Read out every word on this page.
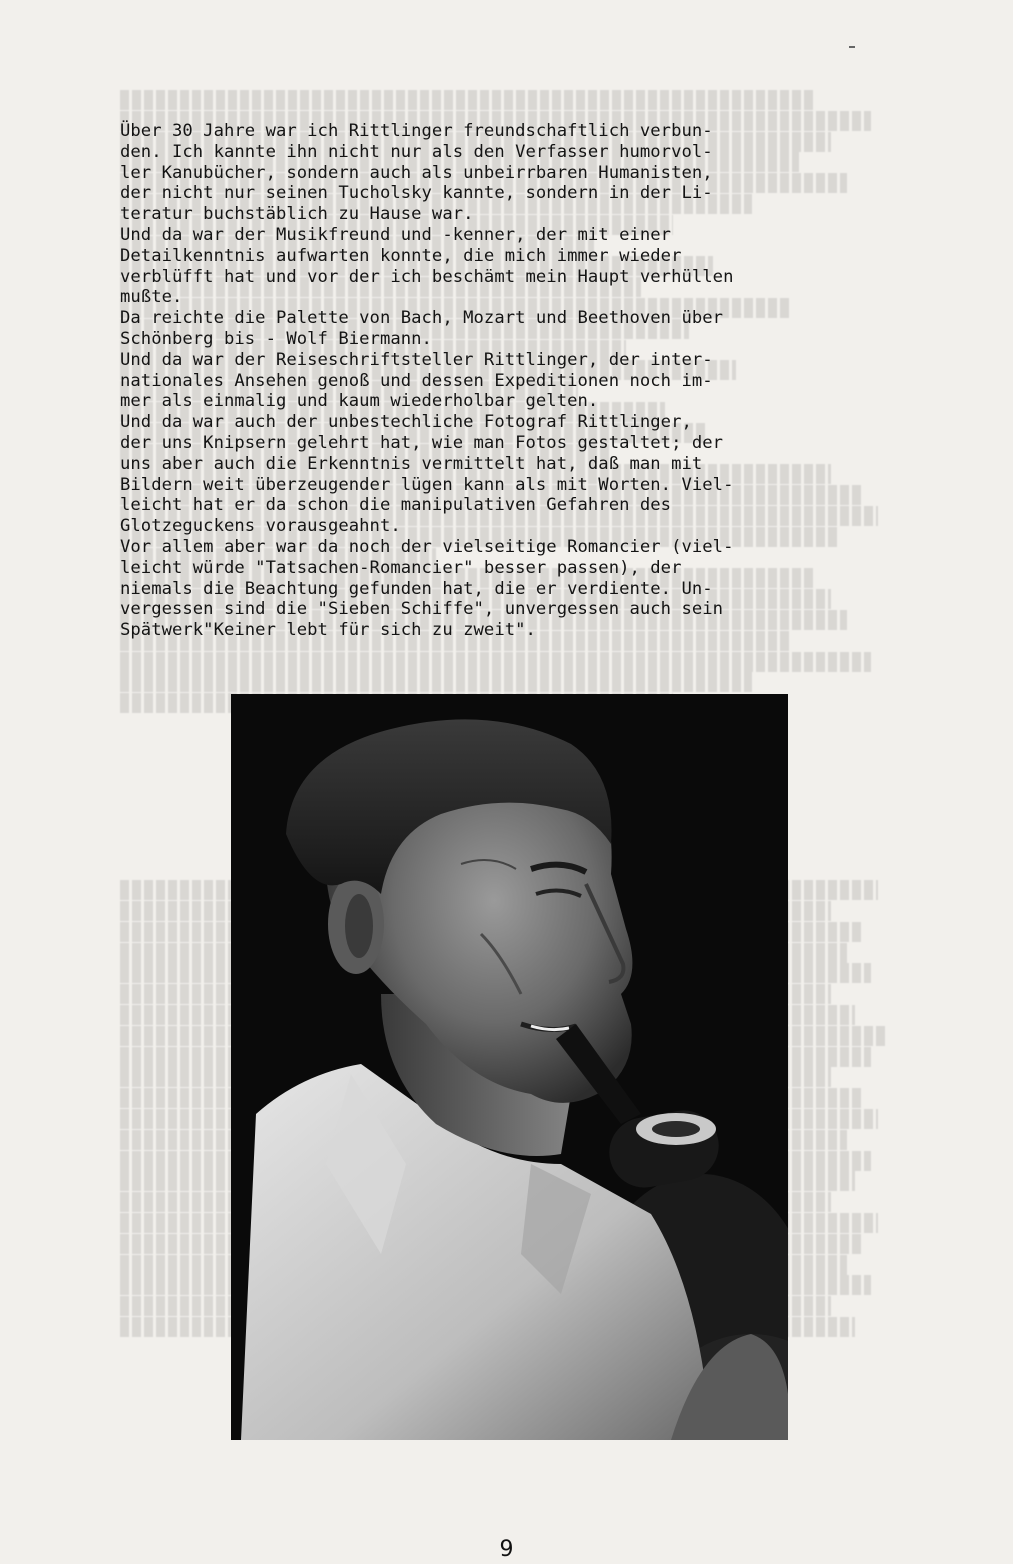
Über 30 Jahre war ich Rittlinger freundschaftlich verbun-
den. Ich kannte ihn nicht nur als den Verfasser humorvol-
ler Kanubücher, sondern auch als unbeirrbaren Humanisten,
der nicht nur seinen Tucholsky kannte, sondern in der Li-
teratur buchstäblich zu Hause war.
Und da war der Musikfreund und -kenner, der mit einer
Detailkenntnis aufwarten konnte, die mich immer wieder
verblüfft hat und vor der ich beschämt mein Haupt verhüllen
mußte.
Da reichte die Palette von Bach, Mozart und Beethoven über
Schönberg bis - Wolf Biermann.
Und da war der Reiseschriftsteller Rittlinger, der inter-
nationales Ansehen genoß und dessen Expeditionen noch im-
mer als einmalig und kaum wiederholbar gelten.
Und da war auch der unbestechliche Fotograf Rittlinger,
der uns Knipsern gelehrt hat, wie man Fotos gestaltet; der
uns aber auch die Erkenntnis vermittelt hat, daß man mit
Bildern weit überzeugender lügen kann als mit Worten. Viel-
leicht hat er da schon die manipulativen Gefahren des
Glotzeguckens vorausgeahnt.
Vor allem aber war da noch der vielseitige Romancier (viel-
leicht würde "Tatsachen-Romancier" besser passen), der
niemals die Beachtung gefunden hat, die er verdiente. Un-
vergessen sind die "Sieben Schiffe", unvergessen auch sein
Spätwerk"Keiner lebt für sich zu zweit".
9
